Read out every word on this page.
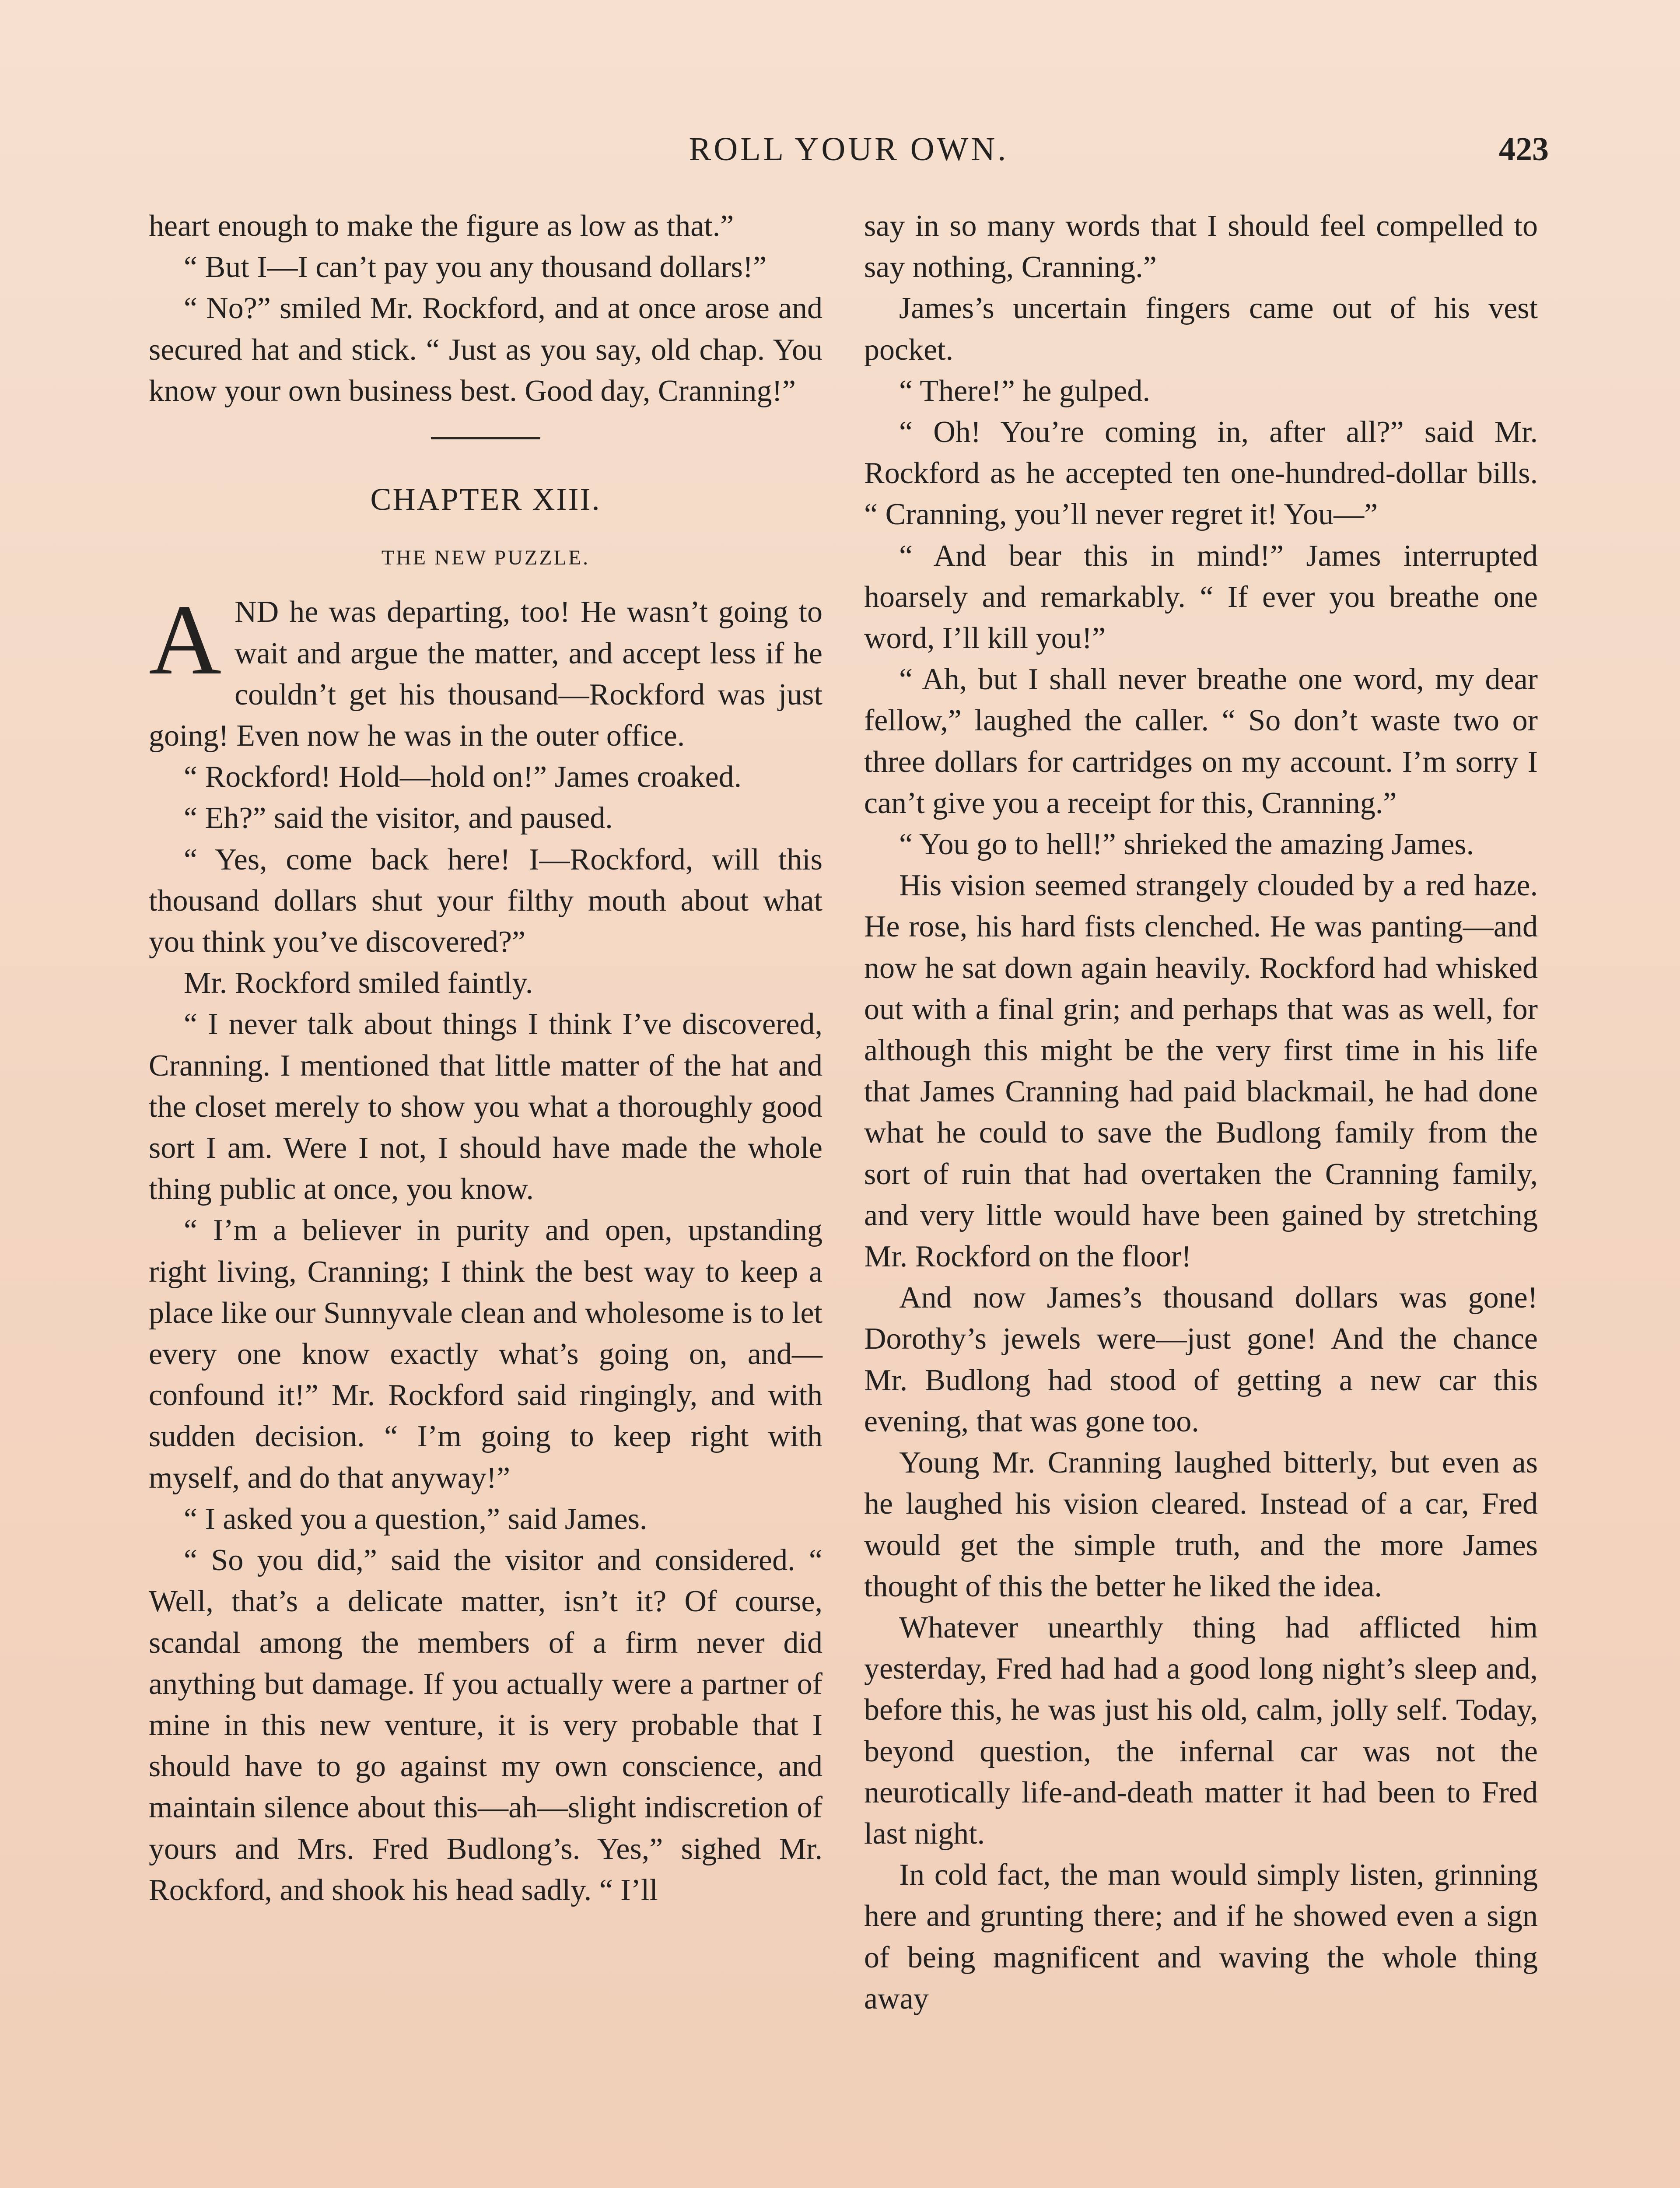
ROLL YOUR OWN.	423

heart enough to make the figure as low as that.”

“ But I—I can’t pay you any thousand dollars!”

“ No?” smiled Mr. Rockford, and at once arose and secured hat and stick. “ Just as you say, old chap. You know your own business best. Good day, Cranning!”

CHAPTER XIII.
THE NEW PUZZLE.

AND he was departing, too! He wasn’t going to wait and argue the matter, and accept less if he couldn’t get his thousand—Rockford was just going! Even now he was in the outer office.

“ Rockford! Hold—hold on!” James croaked.

“ Eh?” said the visitor, and paused.

“ Yes, come back here! I—Rockford, will this thousand dollars shut your filthy mouth about what you think you’ve discovered?”

Mr. Rockford smiled faintly.

“ I never talk about things I think I’ve discovered, Cranning. I mentioned that little matter of the hat and the closet merely to show you what a thoroughly good sort I am. Were I not, I should have made the whole thing public at once, you know.

“ I’m a believer in purity and open, upstanding right living, Cranning; I think the best way to keep a place like our Sunnyvale clean and wholesome is to let every one know exactly what’s going on, and—confound it!” Mr. Rockford said ringingly, and with sudden decision. “ I’m going to keep right with myself, and do that anyway!”

“ I asked you a question,” said James.

“ So you did,” said the visitor and considered. “ Well, that’s a delicate matter, isn’t it? Of course, scandal among the members of a firm never did anything but damage. If you actually were a partner of mine in this new venture, it is very probable that I should have to go against my own conscience, and maintain silence about this—ah—slight indiscretion of yours and Mrs. Fred Budlong’s. Yes,” sighed Mr. Rockford, and shook his head sadly. “ I’ll

say in so many words that I should feel compelled to say nothing, Cranning.”

James’s uncertain fingers came out of his vest pocket.

“ There!” he gulped.

“ Oh! You’re coming in, after all?” said Mr. Rockford as he accepted ten one-hundred-dollar bills. “ Cranning, you’ll never regret it! You—”

“ And bear this in mind!” James interrupted hoarsely and remarkably. “ If ever you breathe one word, I’ll kill you!”

“ Ah, but I shall never breathe one word, my dear fellow,” laughed the caller. “ So don’t waste two or three dollars for cartridges on my account. I’m sorry I can’t give you a receipt for this, Cranning.”

“ You go to hell!” shrieked the amazing James.

His vision seemed strangely clouded by a red haze. He rose, his hard fists clenched. He was panting—and now he sat down again heavily. Rockford had whisked out with a final grin; and perhaps that was as well, for although this might be the very first time in his life that James Cranning had paid blackmail, he had done what he could to save the Budlong family from the sort of ruin that had overtaken the Cranning family, and very little would have been gained by stretching Mr. Rockford on the floor!

And now James’s thousand dollars was gone! Dorothy’s jewels were—just gone! And the chance Mr. Budlong had stood of getting a new car this evening, that was gone too.

Young Mr. Cranning laughed bitterly, but even as he laughed his vision cleared. Instead of a car, Fred would get the simple truth, and the more James thought of this the better he liked the idea.

Whatever unearthly thing had afflicted him yesterday, Fred had had a good long night’s sleep and, before this, he was just his old, calm, jolly self. Today, beyond question, the infernal car was not the neurotically life-and-death matter it had been to Fred last night.

In cold fact, the man would simply listen, grinning here and grunting there; and if he showed even a sign of being magnificent and waving the whole thing away
